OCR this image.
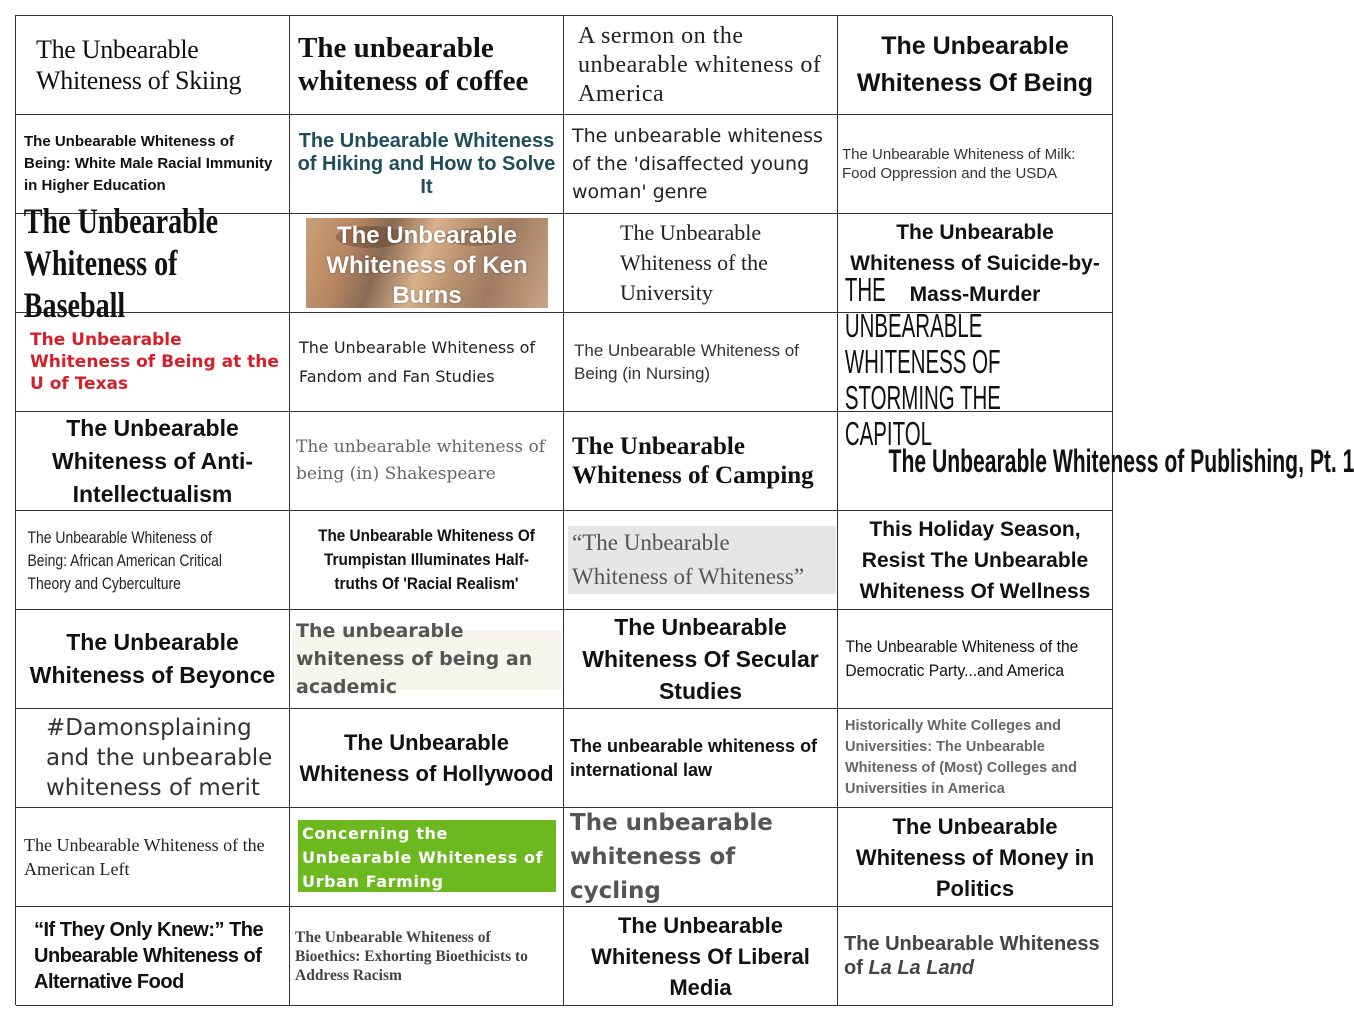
The Unbearable Whiteness of Skiing
The unbearable whiteness of coffee
A sermon on the unbearable whiteness of America
The Unbearable Whiteness Of Being
The Unbearable Whiteness of Being: White Male Racial Immunity in Higher Education
The Unbearable Whiteness of Hiking and How to Solve It
The unbearable whiteness of the 'disaffected young woman' genre
The Unbearable Whiteness of Milk: Food Oppression and the USDA
The Unbearable Whiteness of Baseball
The Unbearable Whiteness of Ken Burns
The Unbearable Whiteness of the University
The Unbearable Whiteness of Suicide-by-Mass-Murder
The Unbearable Whiteness of Being at the U of Texas
The Unbearable Whiteness of Fandom and Fan Studies
The Unbearable Whiteness of Being (in Nursing)
THE UNBEARABLE WHITENESS OF STORMING THE CAPITOL
The Unbearable Whiteness of Anti-Intellectualism
The unbearable whiteness of being (in) Shakespeare
The Unbearable Whiteness of Camping	The Unbearable Whiteness of Publishing, Pt. 1
The Unbearable Whiteness of Being: African American Critical Theory and Cyberculture
The Unbearable Whiteness Of Trumpistan Illuminates Half-truths Of 'Racial Realism'
“The Unbearable Whiteness of Whiteness”
This Holiday Season, Resist The Unbearable Whiteness Of Wellness
The Unbearable Whiteness of Beyonce
The unbearable whiteness of being an academic
The Unbearable Whiteness Of Secular Studies
The Unbearable Whiteness of the Democratic Party...and America
#Damonsplaining and the unbearable whiteness of merit
The Unbearable Whiteness of Hollywood
The unbearable whiteness of international law
Historically White Colleges and Universities: The Unbearable Whiteness of (Most) Colleges and Universities in America
The Unbearable Whiteness of the American Left
Concerning the Unbearable Whiteness of Urban Farming
The unbearable whiteness of cycling
The Unbearable Whiteness of Money in Politics
“If They Only Knew:” The Unbearable Whiteness of Alternative Food
The Unbearable Whiteness of Bioethics: Exhorting Bioethicists to Address Racism
The Unbearable Whiteness Of Liberal Media
The Unbearable Whiteness of La La Land
